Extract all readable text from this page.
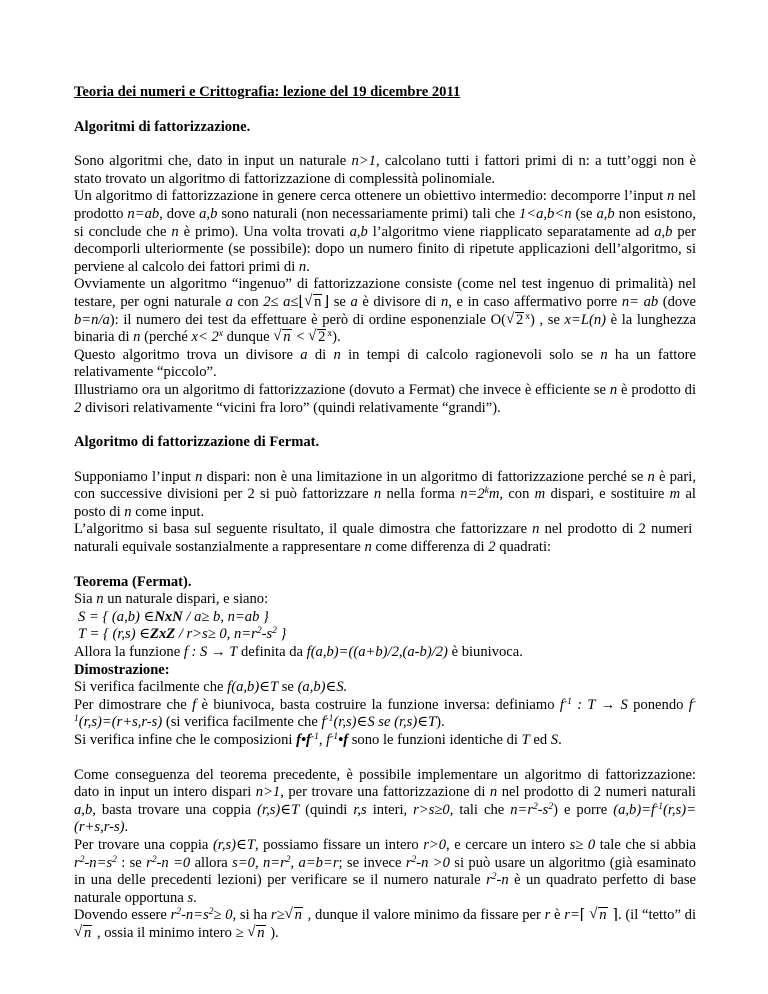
Teoria dei numeri e Crittografia: lezione del 19 dicembre 2011
Algoritmi di fattorizzazione.

Sono algoritmi che, dato in input un naturale n>1, calcolano tutti i fattori primi di n: a tutt’oggi non è stato trovato un algoritmo di fattorizzazione di complessità polinomiale.

Un algoritmo di fattorizzazione in genere cerca ottenere un obiettivo intermedio: decomporre l’input n nel prodotto n=ab, dove a,b sono naturali (non necessariamente primi) tali che 1<a,b<n (se a,b non esistono, si conclude che n è primo). Una volta trovati a,b l’algoritmo viene riapplicato separatamente ad a,b per decomporli ulteriormente (se possibile): dopo un numero finito di ripetute applicazioni dell’algoritmo, si perviene al calcolo dei fattori primi di n.

Ovviamente un algoritmo “ingenuo” di fattorizzazione consiste (come nel test ingenuo di primalità) nel testare, per ogni naturale a con 2≤ a≤⌊ √ n ⌋ se a è divisore di n, e in caso affermativo porre n= ab (dove b=n/a): il numero dei test da effettuare è però di ordine esponenziale O( √ 2 $^x$) , se x=L(n) è la lunghezza binaria di n (perché $x< 2^x$ dunque √ n < √ 2 $^x$).

Questo algoritmo trova un divisore a di n in tempi di calcolo ragionevoli solo se n ha un fattore relativamente “piccolo”.

Illustriamo ora un algoritmo di fattorizzazione (dovuto a Fermat) che invece è efficiente se n è prodotto di 2 divisori relativamente “vicini fra loro” (quindi relativamente “grandi”).

Algoritmo di fattorizzazione di Fermat.

Supponiamo l’input n dispari: non è una limitazione in un algoritmo di fattorizzazione perché se n è pari, con successive divisioni per 2 si può fattorizzare n nella forma $n=2^km$, con m dispari, e sostituire m al posto di n come input.

L’algoritmo si basa sul seguente risultato, il quale dimostra che fattorizzare n nel prodotto di 2 numeri  naturali equivale sostanzialmente a rappresentare n come differenza di 2 quadrati:

Teorema (Fermat).
Sia n un naturale dispari, e siano:
S = { (a,b) ∈NxN / a≥ b, n=ab }
T = { (r,s) ∈ZxZ / r>s≥ 0, $n=r^2-s^2$ }
Allora la funzione f : S → T definita da f(a,b)=((a+b)/2,(a-b)/2) è biunivoca.
Dimostrazione:
Si verifica facilmente che f(a,b)∈T se (a,b)∈S.

Per dimostrare che f è biunivoca, basta costruire la funzione inversa: definiamo $f^{-1}$ : T → S ponendo $f^{-1}(r,s)=(r+s,r-s)$ (si verifica facilmente che $f^{-1}(r,s)\in S$ se (r,s)∈T).

Si verifica infine che le composizioni $f•f^{-1}$, $f^{-1}•f$ sono le funzioni identiche di T ed S.

Come conseguenza del teorema precedente, è possibile implementare un algoritmo di fattorizzazione: dato in input un intero dispari n>1, per trovare una fattorizzazione di n nel prodotto di 2 numeri naturali a,b, basta trovare una coppia (r,s)∈T (quindi r,s interi, r>s≥0, tali che $n=r^2-s^2$) e porre $(a,b)=f^{-1}(r,s)=(r+s,r-s)$.

Per trovare una coppia (r,s)∈T, possiamo fissare un intero r>0, e cercare un intero s≥ 0 tale che si abbia $r^2-n=s^2$ : se $r^2-n =0$ allora s=0, $n=r^2$, a=b=r; se invece $r^2-n >0$ si può usare un algoritmo (già esaminato in una delle precedenti lezioni) per verificare se il numero naturale $r^2-n$ è un quadrato perfetto di base naturale opportuna s.

Dovendo essere $r^2-n=s^2\ge 0$, si ha r≥ √ n , dunque il valore minimo da fissare per r è r=⌈ √ n ⌉. (il “tetto” di √ n , ossia il minimo intero ≥ √ n ).
